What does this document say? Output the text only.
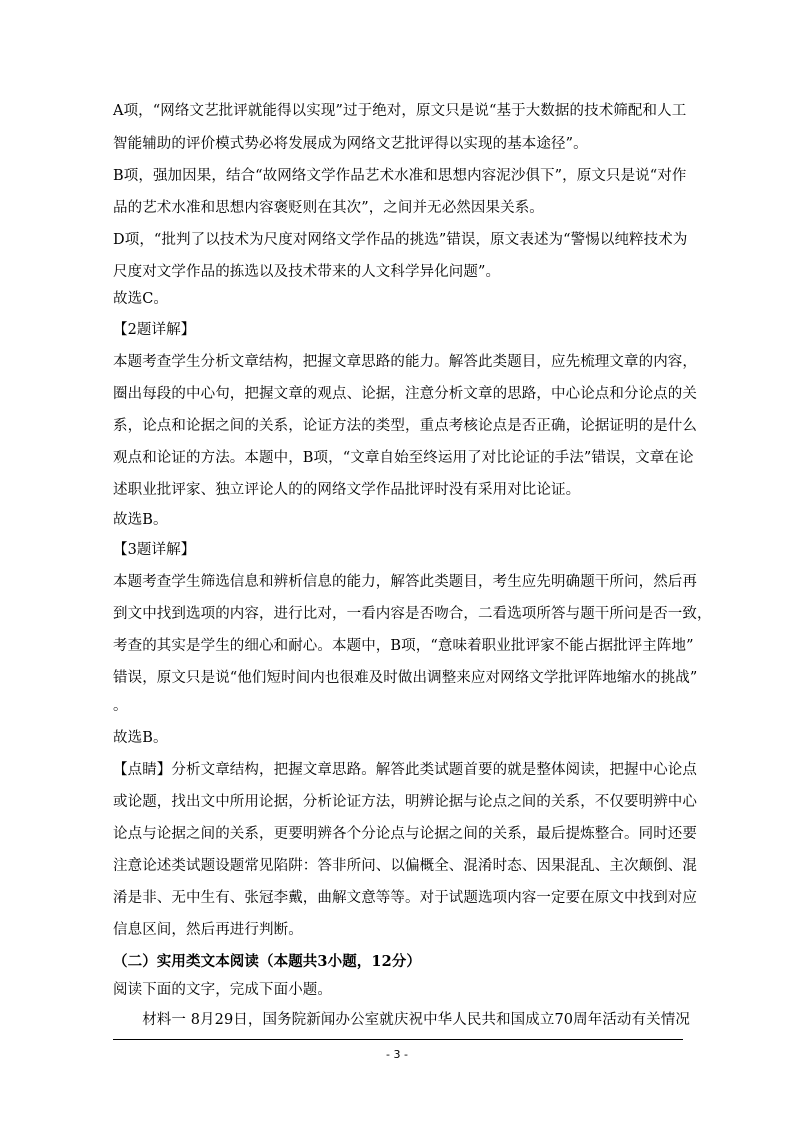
A项，“网络文艺批评就能得以实现”过于绝对，原文只是说“基于大数据的技术筛配和人工
智能辅助的评价模式势必将发展成为网络文艺批评得以实现的基本途径”。
B项，强加因果，结合“故网络文学作品艺术水准和思想内容泥沙俱下”，原文只是说“对作
品的艺术水准和思想内容褒贬则在其次”，之间并无必然因果关系。
D项，“批判了以技术为尺度对网络文学作品的挑选”错误，原文表述为“警惕以纯粹技术为
尺度对文学作品的拣选以及技术带来的人文科学异化问题”。
故选C。
【2题详解】
本题考查学生分析文章结构，把握文章思路的能力。解答此类题目，应先梳理文章的内容，
圈出每段的中心句，把握文章的观点、论据，注意分析文章的思路，中心论点和分论点的关
系，论点和论据之间的关系，论证方法的类型，重点考核论点是否正确，论据证明的是什么
观点和论证的方法。本题中，B项，“文章自始至终运用了对比论证的手法”错误，文章在论
述职业批评家、独立评论人的的网络文学作品批评时没有采用对比论证。
故选B。
【3题详解】
本题考查学生筛选信息和辨析信息的能力，解答此类题目，考生应先明确题干所问，然后再
到文中找到选项的内容，进行比对，一看内容是否吻合，二看选项所答与题干所问是否一致，
考查的其实是学生的细心和耐心。本题中，B项，“意味着职业批评家不能占据批评主阵地”
错误，原文只是说“他们短时间内也很难及时做出调整来应对网络文学批评阵地缩水的挑战”
。
故选B。
【点睛】分析文章结构，把握文章思路。解答此类试题首要的就是整体阅读，把握中心论点
或论题，找出文中所用论据，分析论证方法，明辨论据与论点之间的关系，不仅要明辨中心
论点与论据之间的关系，更要明辨各个分论点与论据之间的关系，最后提炼整合。同时还要
注意论述类试题设题常见陷阱：答非所问、以偏概全、混淆时态、因果混乱、主次颠倒、混
淆是非、无中生有、张冠李戴，曲解文意等等。对于试题选项内容一定要在原文中找到对应
信息区间，然后再进行判断。
（二）实用类文本阅读（本题共3小题，12分）
阅读下面的文字，完成下面小题。
　　材料一 8月29日，国务院新闻办公室就庆祝中华人民共和国成立70周年活动有关情况
- 3 -
